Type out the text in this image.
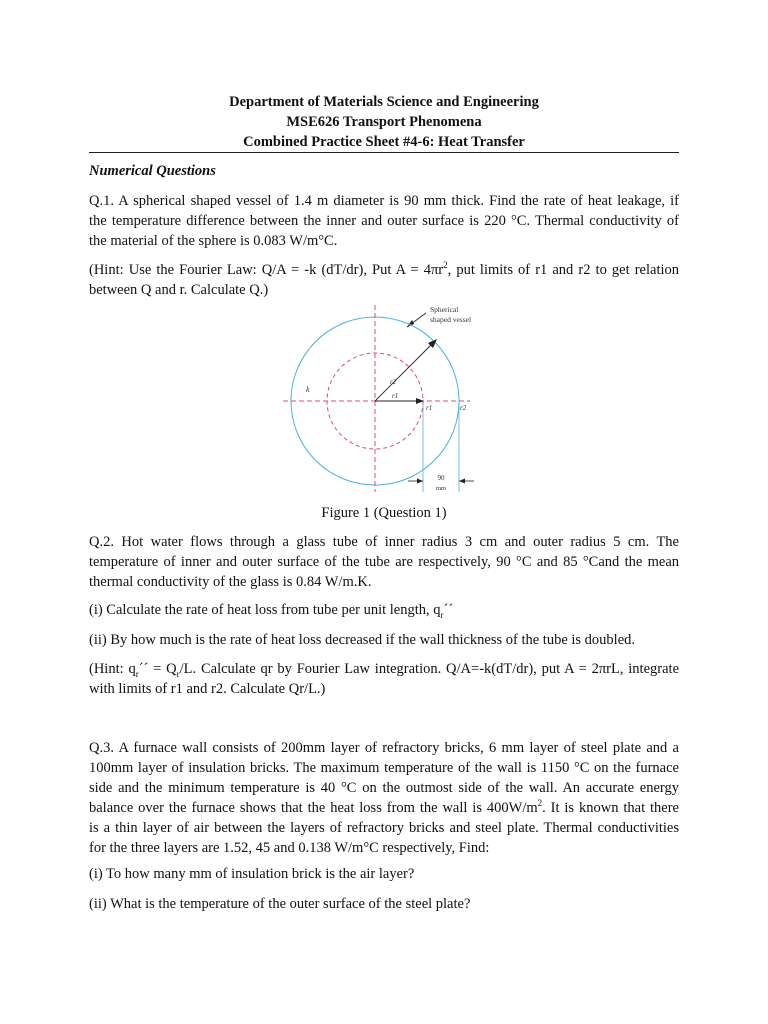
Department of Materials Science and Engineering
MSE626 Transport Phenomena
Combined Practice Sheet #4-6: Heat Transfer
Numerical Questions
Q.1. A spherical shaped vessel of 1.4 m diameter is 90 mm thick. Find the rate of heat leakage, if
the temperature difference between the inner and outer surface is 220 °C. Thermal conductivity of
the material of the sphere is 0.083 W/m°C.
(Hint: Use the Fourier Law: Q/A = -k (dT/dr), Put $A = 4\pi r^2$, put limits of r1 and r2 to get relation
between Q and r. Calculate Q.)
Spherical
shaped vessel
k
r2
r1
r1	r2
90
mm
Figure 1 (Question 1)
Q.2. Hot water flows through a glass tube of inner radius 3 cm and outer radius 5 cm. The
temperature of inner and outer surface of the tube are respectively, 90 °C and 85 °Cand the mean
thermal conductivity of the glass is 0.84 W/m.K.
(i) Calculate the rate of heat loss from tube per unit length, $q_r´´$
(ii) By how much is the rate of heat loss decreased if the wall thickness of the tube is doubled.
(Hint: $q_r´´ = Q_r/L$. Calculate qr by Fourier Law integration. Q/A=-k(dT/dr), put A = 2πrL, integrate
with limits of r1 and r2. Calculate Qr/L.)
Q.3. A furnace wall consists of 200mm layer of refractory bricks, 6 mm layer of steel plate and a
100mm layer of insulation bricks. The maximum temperature of the wall is 1150 °C on the furnace
side and the minimum temperature is 40 °C on the outmost side of the wall. An accurate energy
balance over the furnace shows that the heat loss from the wall is $400W/m^2$. It is known that there
is a thin layer of air between the layers of refractory bricks and steel plate. Thermal conductivities
for the three layers are 1.52, 45 and 0.138 W/m°C respectively, Find:
(i) To how many mm of insulation brick is the air layer?
(ii) What is the temperature of the outer surface of the steel plate?
